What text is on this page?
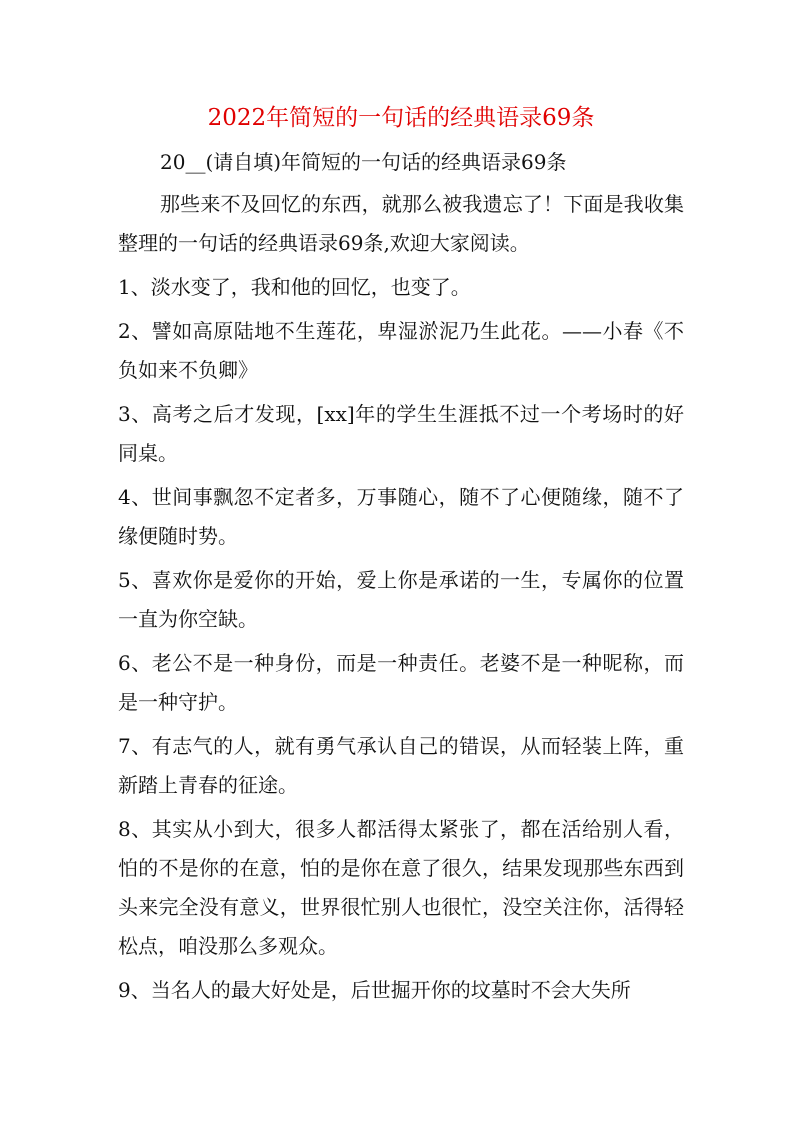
2022年简短的一句话的经典语录69条
20__(请自填)年简短的一句话的经典语录69条
那些来不及回忆的东西，就那么被我遗忘了！下面是我收集整理的一句话的经典语录69条,欢迎大家阅读。
1、淡水变了，我和他的回忆，也变了。
2、譬如高原陆地不生莲花，卑湿淤泥乃生此花。——小春《不负如来不负卿》
3、高考之后才发现，[xx]年的学生生涯抵不过一个考场时的好同桌。
4、世间事飘忽不定者多，万事随心，随不了心便随缘，随不了缘便随时势。
5、喜欢你是爱你的开始，爱上你是承诺的一生，专属你的位置一直为你空缺。
6、老公不是一种身份，而是一种责任。老婆不是一种昵称，而是一种守护。
7、有志气的人，就有勇气承认自己的错误，从而轻装上阵，重新踏上青春的征途。
8、其实从小到大，很多人都活得太紧张了，都在活给别人看，怕的不是你的在意，怕的是你在意了很久，结果发现那些东西到头来完全没有意义，世界很忙别人也很忙，没空关注你，活得轻松点，咱没那么多观众。
9、当名人的最大好处是，后世掘开你的坟墓时不会大失所
